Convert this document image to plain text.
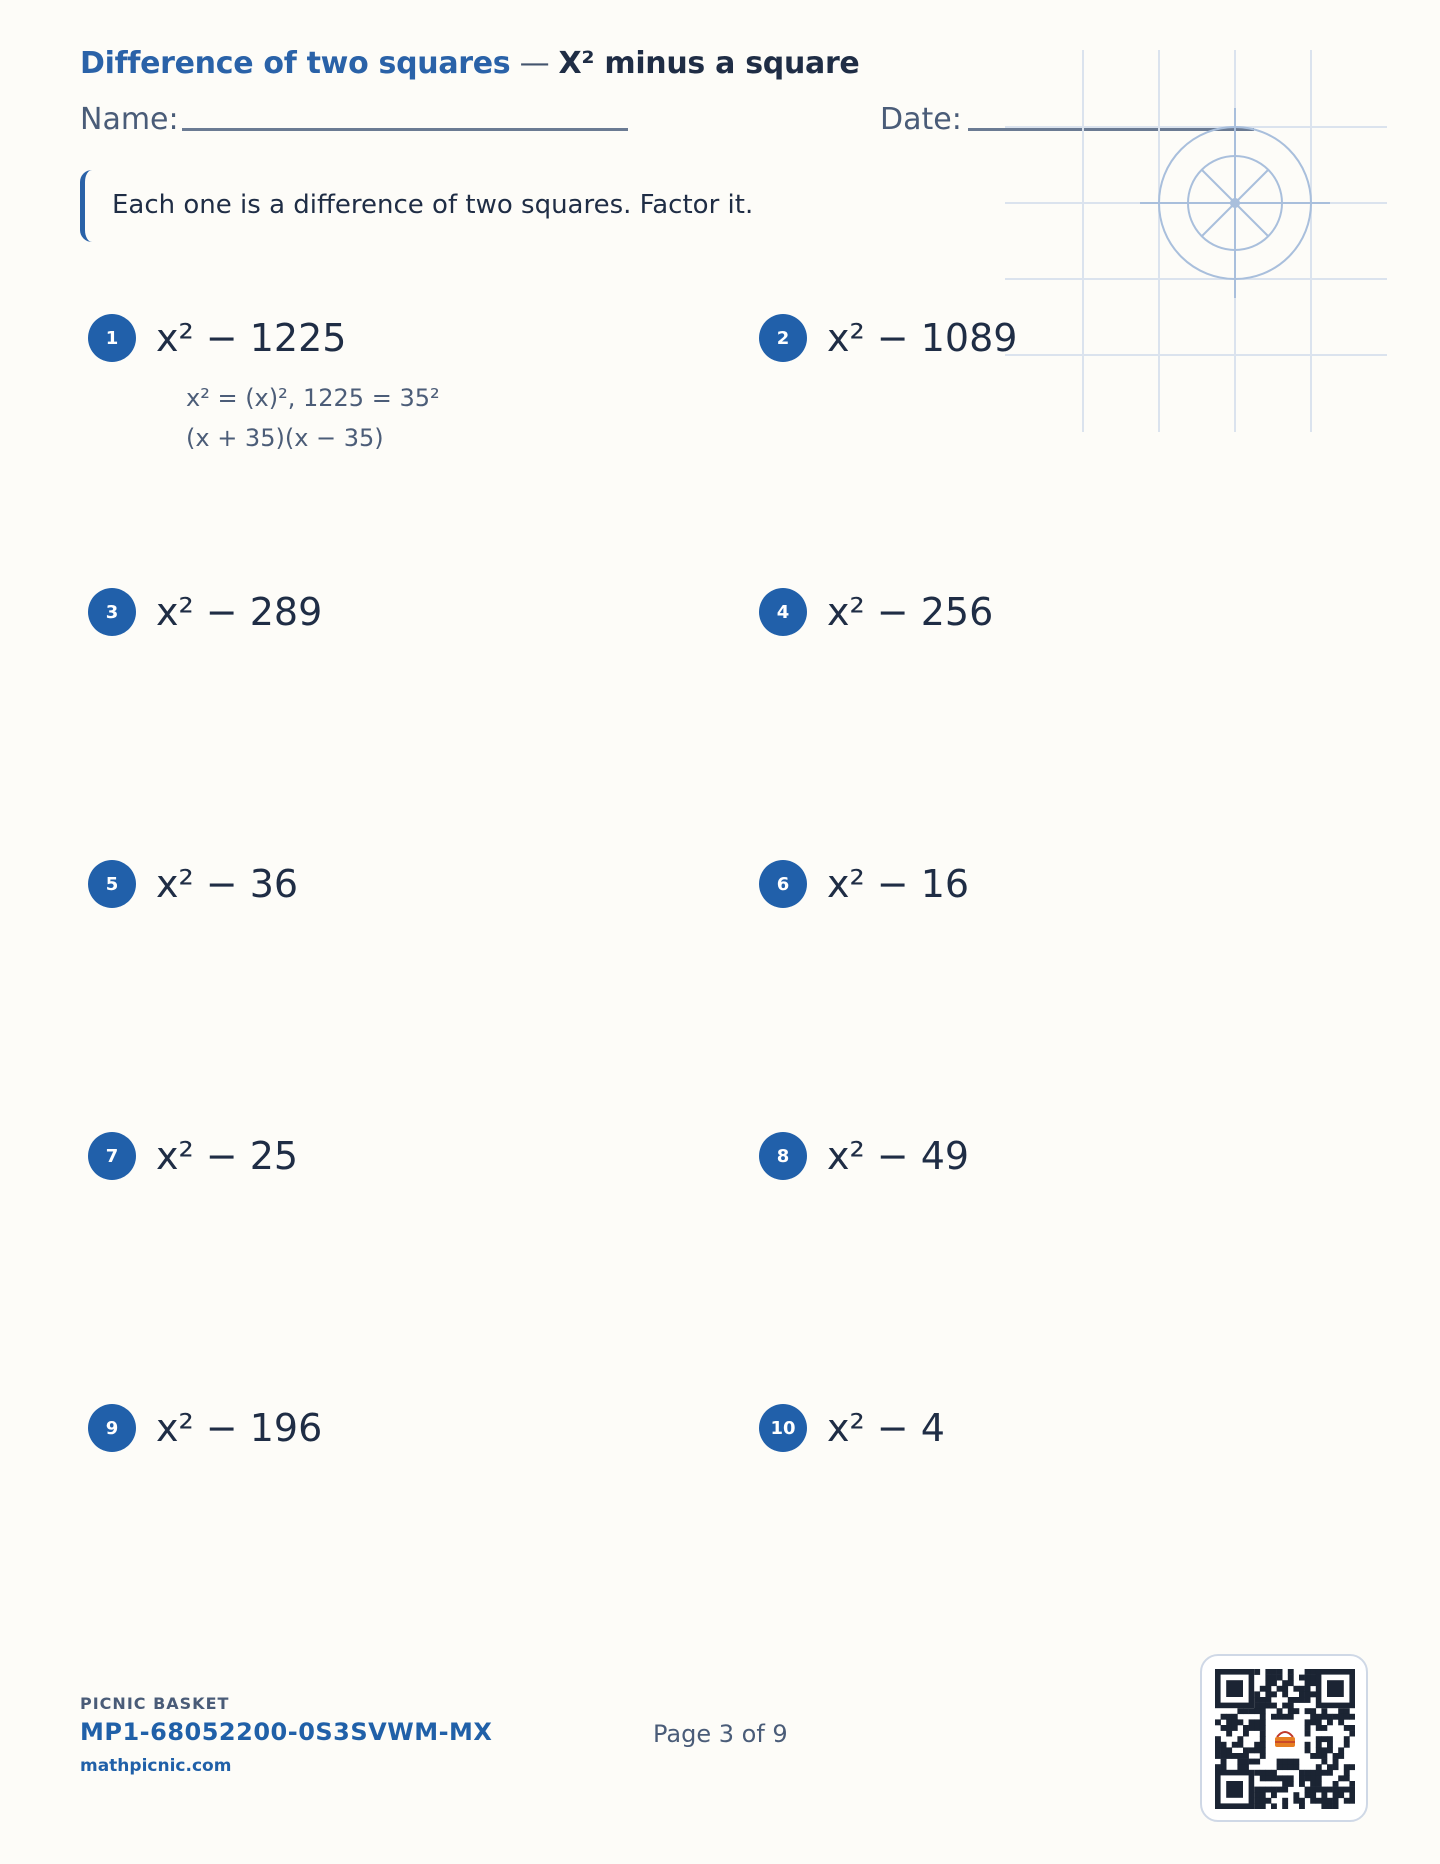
Difference of two squares — X² minus a square
Name:	Date:
Each one is a difference of two squares. Factor it.
1 x² − 1225
x² = (x)², 1225 = 35²
(x + 35)(x − 35)
2 x² − 1089
3 x² − 289	4 x² − 256
5 x² − 36	6 x² − 16
7 x² − 25	8 x² − 49
9 x² − 196	10 x² − 4
PICNIC BASKET
MP1-68052200-0S3SVWM-MX
mathpicnic.com
Page 3 of 9
